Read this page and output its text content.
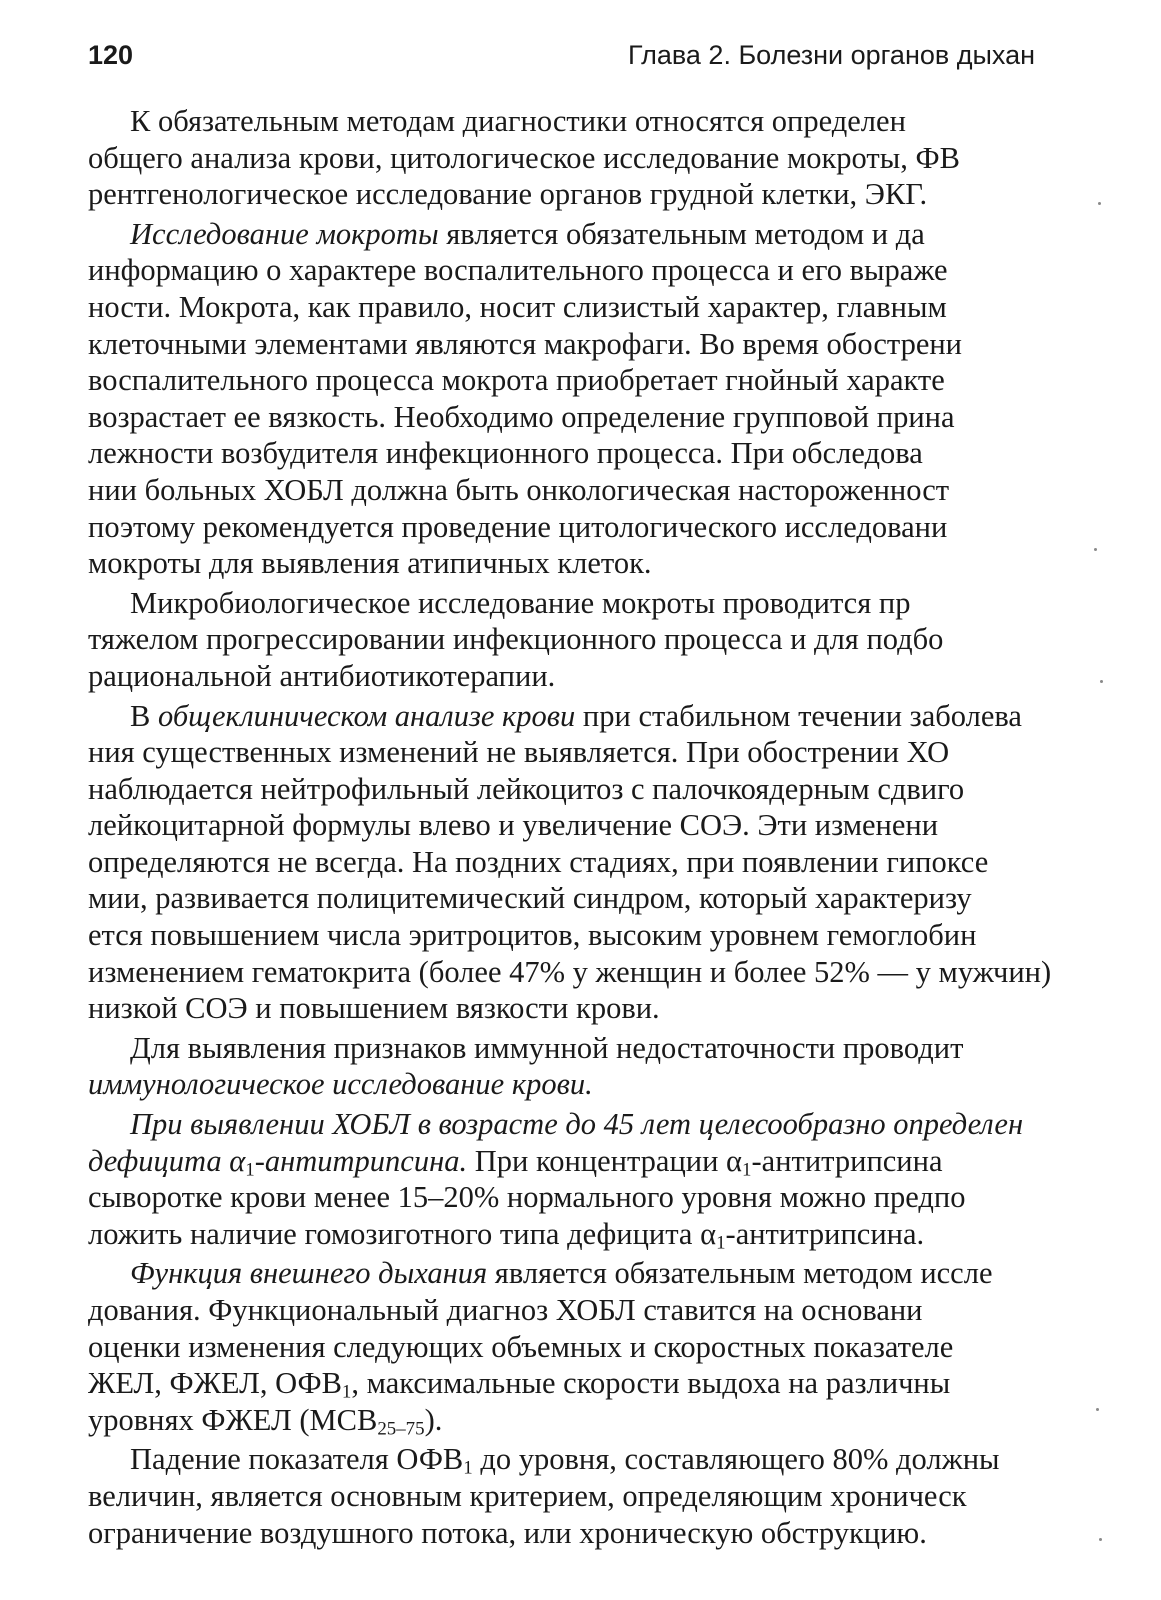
120	Глава 2. Болезни органов дыхан
К обязательным методам диагностики относятся определен
общего анализа крови, цитологическое исследование мокроты, ФВ
рентгенологическое исследование органов грудной клетки, ЭКГ.
Исследование мокроты является обязательным методом и да
информацию о характере воспалительного процесса и его выраже
ности. Мокрота, как правило, носит слизистый характер, главным
клеточными элементами являются макрофаги. Во время обострени
воспалительного процесса мокрота приобретает гнойный характе
возрастает ее вязкость. Необходимо определение групповой прина
лежности возбудителя инфекционного процесса. При обследова
нии больных ХОБЛ должна быть онкологическая настороженност
поэтому рекомендуется проведение цитологического исследовани
мокроты для выявления атипичных клеток.
Микробиологическое исследование мокроты проводится пр
тяжелом прогрессировании инфекционного процесса и для подбо
рациональной антибиотикотерапии.
В общеклиническом анализе крови при стабильном течении заболева
ния существенных изменений не выявляется. При обострении ХО
наблюдается нейтрофильный лейкоцитоз с палочкоядерным сдвиго
лейкоцитарной формулы влево и увеличение СОЭ. Эти изменени
определяются не всегда. На поздних стадиях, при появлении гипоксе
мии, развивается полицитемический синдром, который характеризу
ется повышением числа эритроцитов, высоким уровнем гемоглобин
изменением гематокрита (более 47% у женщин и более 52% — у мужчин)
низкой СОЭ и повышением вязкости крови.
Для выявления признаков иммунной недостаточности проводит
иммунологическое исследование крови.
При выявлении ХОБЛ в возрасте до 45 лет целесообразно определен
дефицита $\alpha_1$-антитрипсина. При концентрации $\alpha_1$-антитрипсина
сыворотке крови менее 15–20% нормального уровня можно предпо
ложить наличие гомозиготного типа дефицита $\alpha_1$-антитрипсина.
Функция внешнего дыхания является обязательным методом иссле
дования. Функциональный диагноз ХОБЛ ставится на основани
оценки изменения следующих объемных и скоростных показателе
ЖЕЛ, ФЖЕЛ, $ОФВ_1$, максимальные скорости выдоха на различны
уровнях ФЖЕЛ $(МСВ_{25-75})$.
Падение показателя $ОФВ_1$ до уровня, составляющего 80% должны
величин, является основным критерием, определяющим хроническ
ограничение воздушного потока, или хроническую обструкцию.
